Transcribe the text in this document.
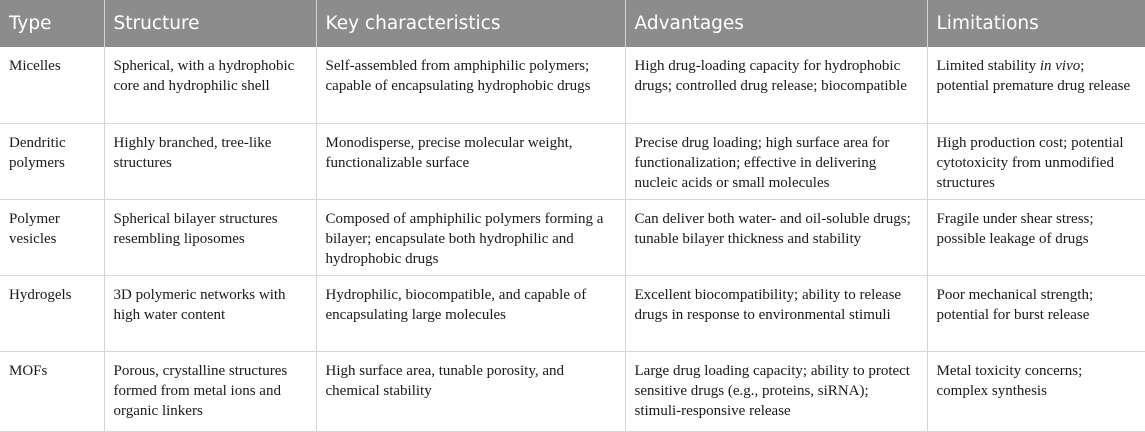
Type	Structure	Key characteristics	Advantages	Limitations
Micelles	Spherical, with a hydrophobic core and hydrophilic shell	Self-assembled from amphiphilic polymers; capable of encapsulating hydrophobic drugs	High drug-loading capacity for hydrophobic drugs; controlled drug release; biocompatible	Limited stability in vivo; potential premature drug release
Dendritic polymers	Highly branched, tree-like structures	Monodisperse, precise molecular weight, functionalizable surface	Precise drug loading; high surface area for functionalization; effective in delivering nucleic acids or small molecules	High production cost; potential cytotoxicity from unmodified structures
Polymer vesicles	Spherical bilayer structures resembling liposomes	Composed of amphiphilic polymers forming a bilayer; encapsulate both hydrophilic and hydrophobic drugs	Can deliver both water- and oil-soluble drugs; tunable bilayer thickness and stability	Fragile under shear stress; possible leakage of drugs
Hydrogels	3D polymeric networks with high water content	Hydrophilic, biocompatible, and capable of encapsulating large molecules	Excellent biocompatibility; ability to release drugs in response to environmental stimuli	Poor mechanical strength; potential for burst release
MOFs	Porous, crystalline structures formed from metal ions and organic linkers	High surface area, tunable porosity, and chemical stability	Large drug loading capacity; ability to protect sensitive drugs (e.g., proteins, siRNA); stimuli-responsive release	Metal toxicity concerns; complex synthesis
